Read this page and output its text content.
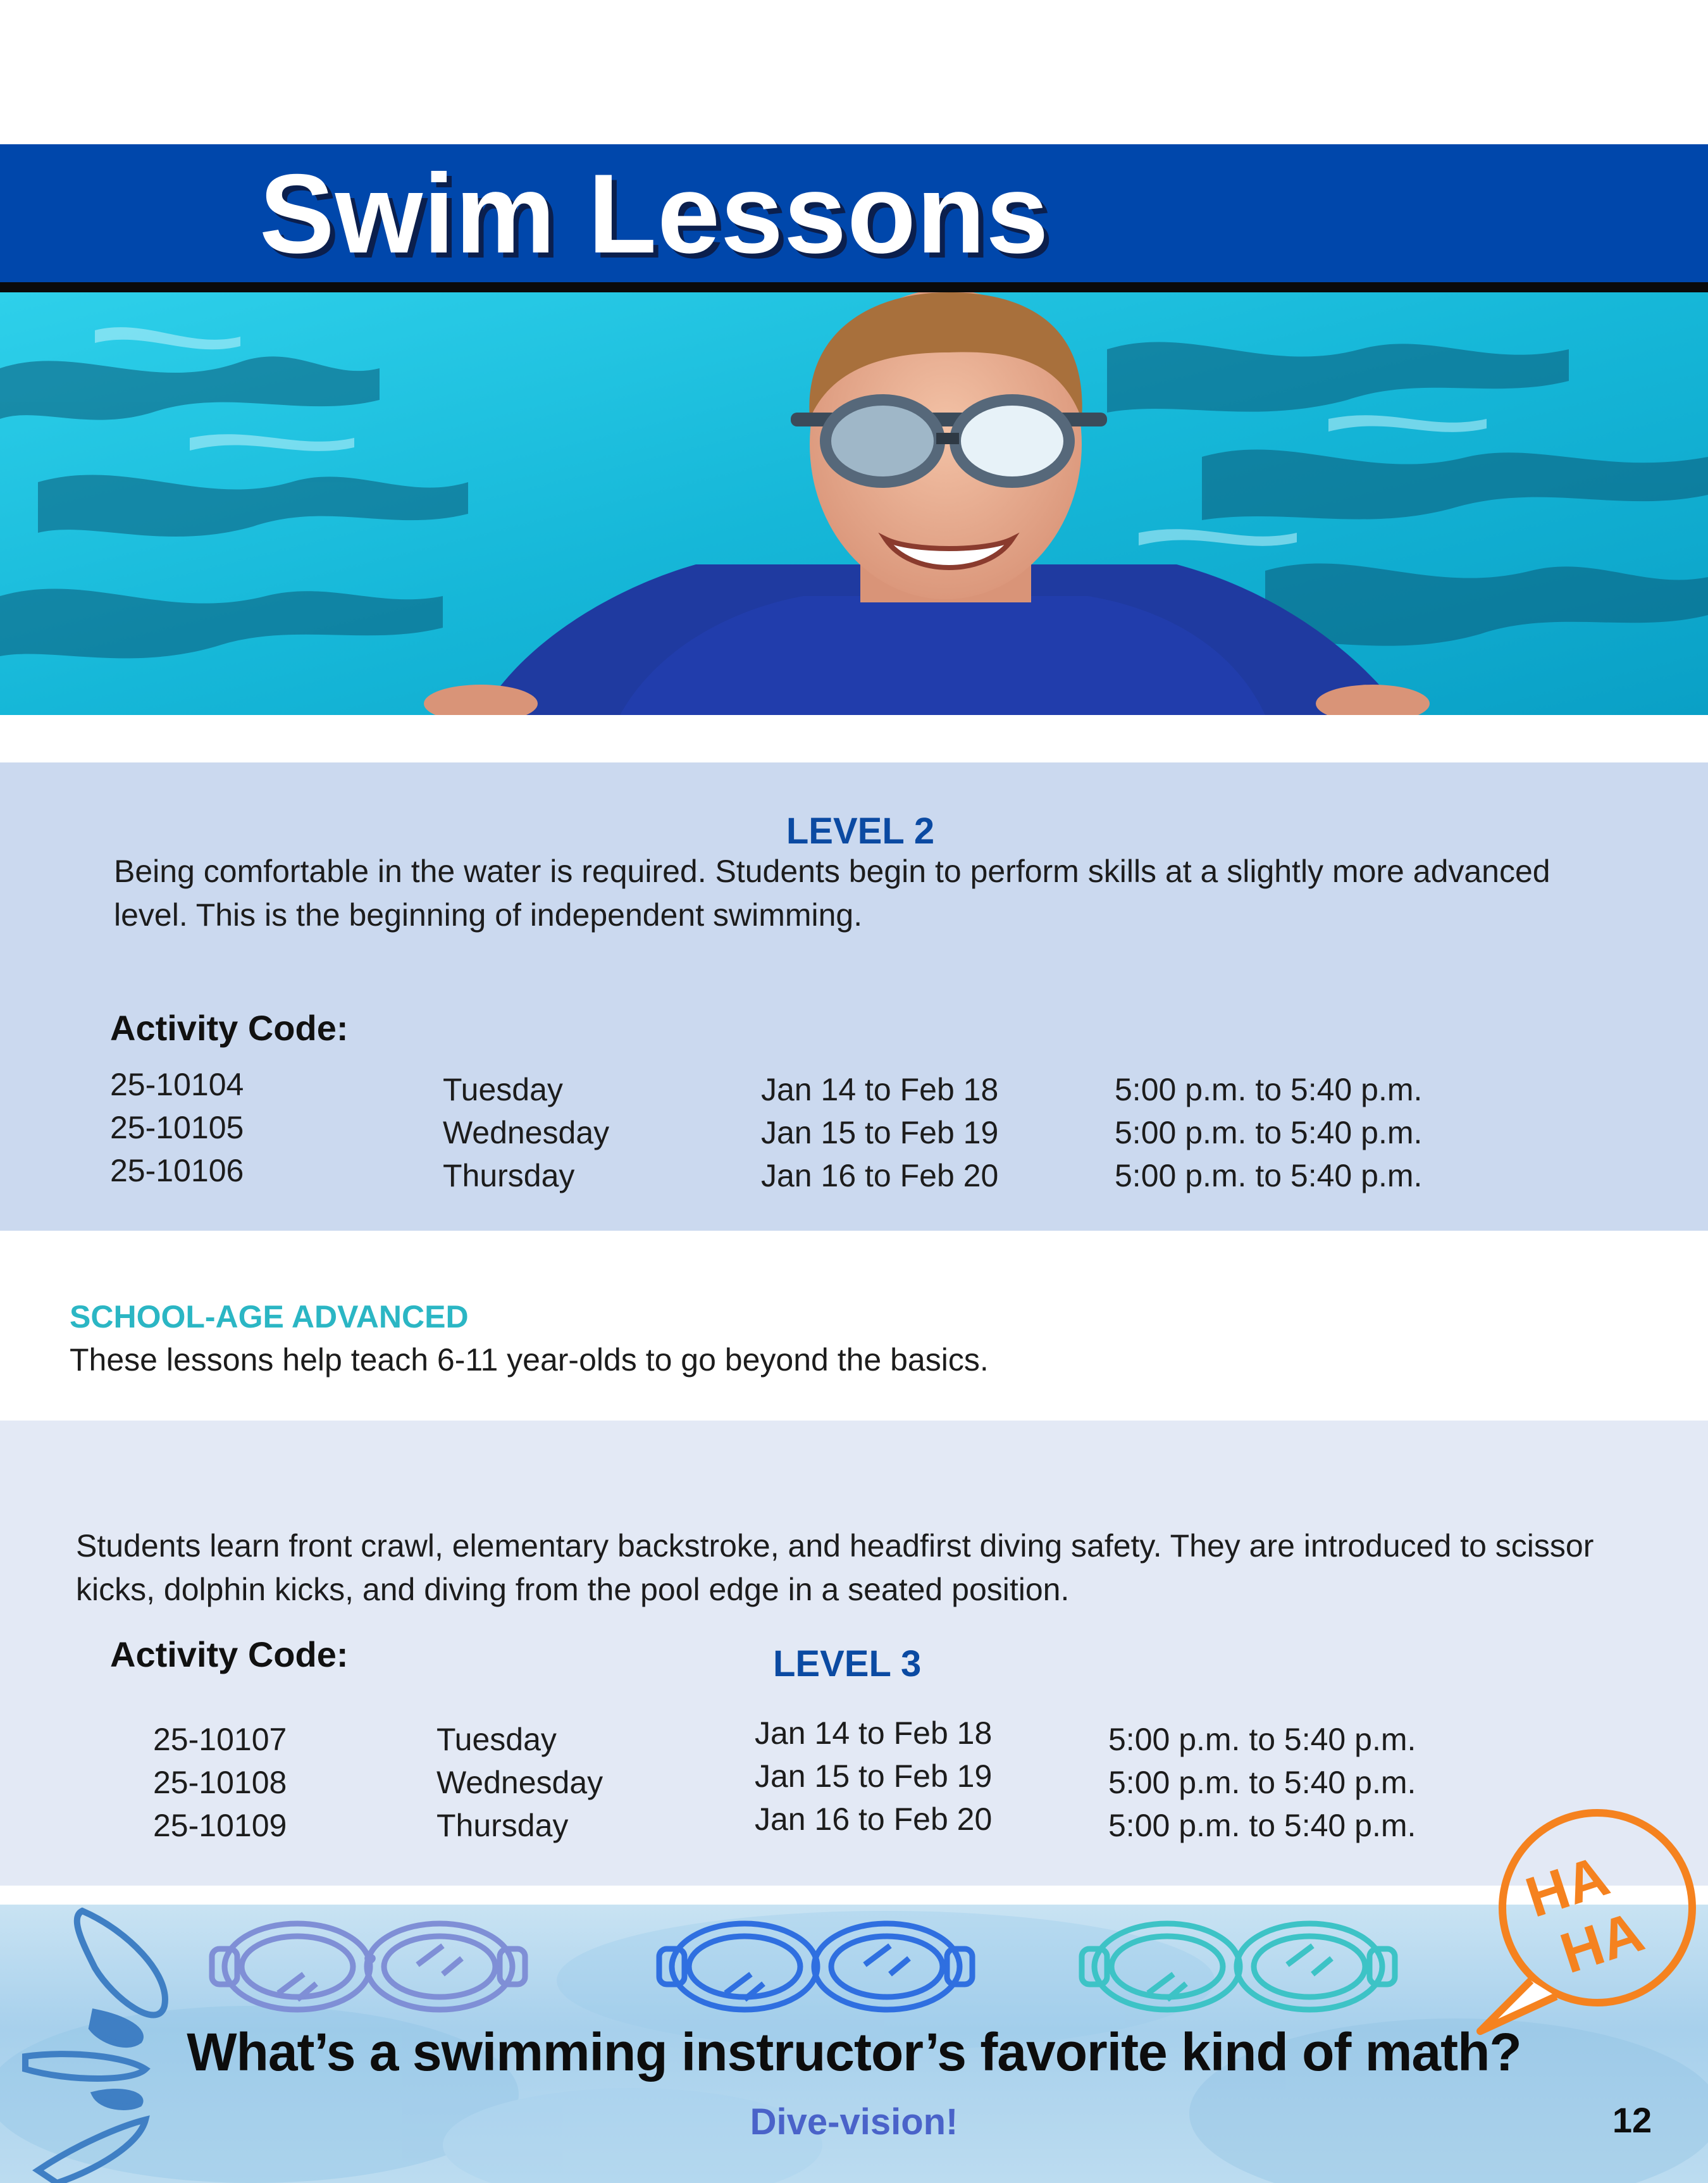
Swim Lessons
LEVEL 2
Being comfortable in the water is required. Students begin to perform skills at a slightly more advanced level. This is the beginning of independent swimming.
Activity Code:
25-10104
25-10105
25-10106
Tuesday
Wednesday
Thursday
Jan 14 to Feb 18
Jan 15 to Feb 19
Jan 16 to Feb 20
5:00 p.m. to 5:40 p.m.
5:00 p.m. to 5:40 p.m.
5:00 p.m. to 5:40 p.m.
SCHOOL-AGE ADVANCED
These lessons help teach 6-11 year-olds to go beyond the basics.
Students learn front crawl, elementary backstroke, and headfirst diving safety. They are introduced to scissor kicks, dolphin kicks, and diving from the pool edge in a seated position.
Activity Code:	LEVEL 3
25-10107
25-10108
25-10109
Tuesday
Wednesday
Thursday
Jan 14 to Feb 18
Jan 15 to Feb 19
Jan 16 to Feb 20
5:00 p.m. to 5:40 p.m.
5:00 p.m. to 5:40 p.m.
5:00 p.m. to 5:40 p.m.
HA
HA
What’s a swimming instructor’s favorite kind of math?
Dive-vision!	12
